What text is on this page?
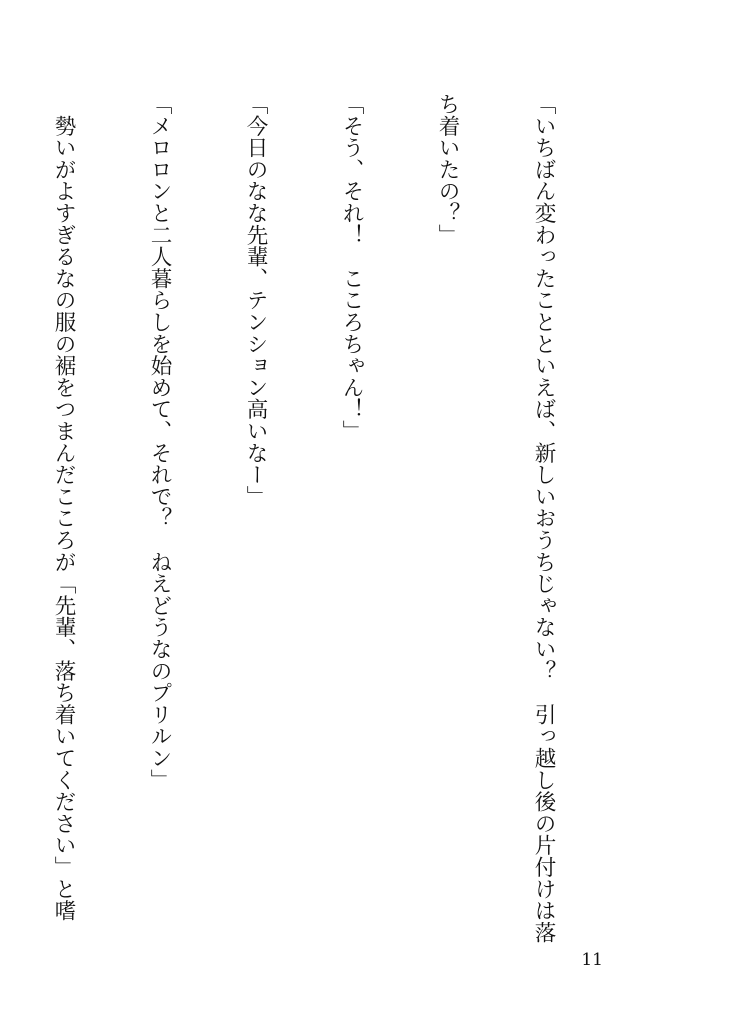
「いちばん変わったことといえば、新しいおうちじゃない？　引っ越し後の片付けは落

ち着いたの？」

「そう、それ！　こころちゃん！」

「今日のなな先輩、テンション高いなー」

「メロロンと二人暮らしを始めて、それで？　ねえどうなのプリルン」

　勢いがよすぎるなの服の裾をつまんだこころが「先輩、落ち着いてください」と嗜

11
